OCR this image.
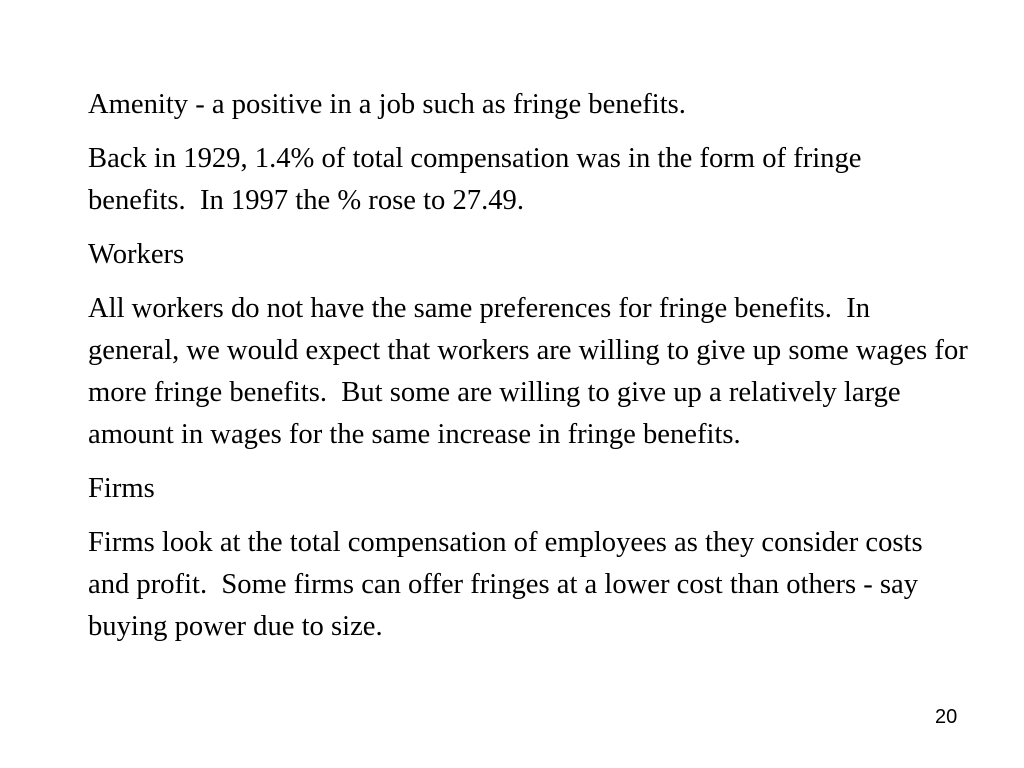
Amenity - a positive in a job such as fringe benefits.

Back in 1929, 1.4% of total compensation was in the form of fringe benefits.  In 1997 the % rose to 27.49.

Workers

All workers do not have the same preferences for fringe benefits.  In general, we would expect that workers are willing to give up some wages for more fringe benefits.  But some are willing to give up a relatively large amount in wages for the same increase in fringe benefits.

Firms

Firms look at the total compensation of employees as they consider costs and profit.  Some firms can offer fringes at a lower cost than others - say buying power due to size.

20
